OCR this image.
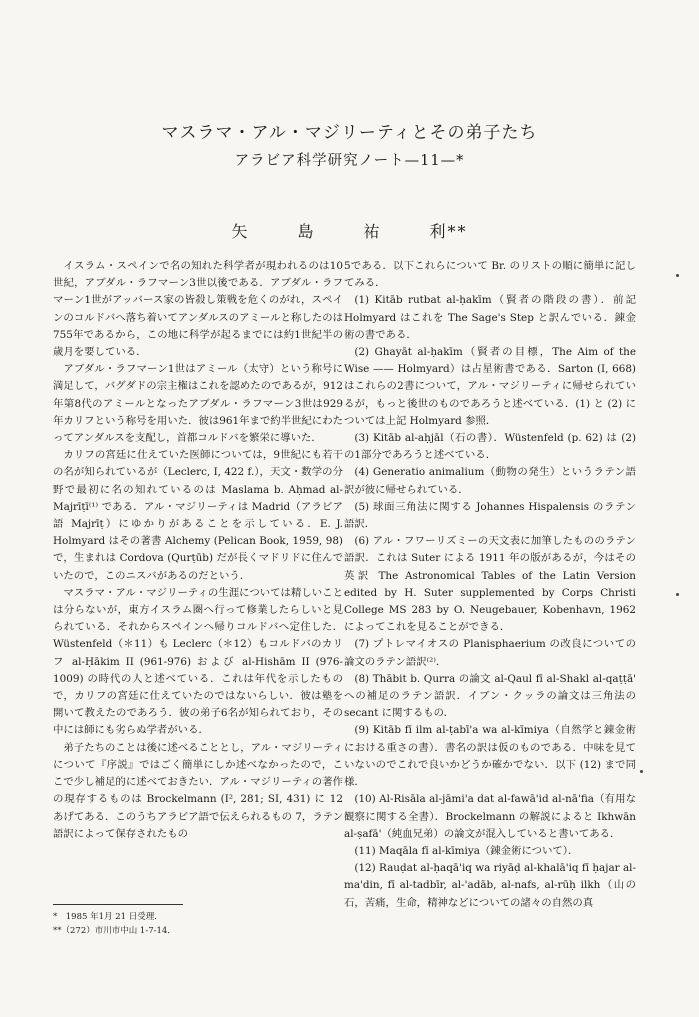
マスラマ・アル・マジリーティとその弟子たち
アラビア科学研究ノート—11—*
矢	島	祐	利**

イスラム・スペインで名の知れた科学者が現われるのは10世紀，アブダル・ラフマーン3世以後である．アブダル・ラフマーン1世がアッバース家の皆殺し策戦を危くのがれ，スペインのコルドバへ落ち着いてアンダルスのアミールと称したのは755年であるから，この地に科学が起るまでには約1世紀半の歳月を要している．

アブダル・ラフマーン1世はアミール（太守）という称号に満足して，バグダドの宗主権はこれを認めたのであるが，912年第8代のアミールとなったアブダル・ラフマーン3世は929年カリフという称号を用いた．彼は961年まで約半世紀にわたってアンダルスを支配し，首都コルドバを繁栄に導いた．

カリフの宮廷に仕えていた医師については，9世紀にも若干の名が知られているが（Leclerc, I, 422 f.），天文・数学の分野で最初に名の知れているのは Maslama b. Aḥmad al-Majrīṭī⁽¹⁾ である．アル・マジリーティは Madrid（アラビア語 Majrīṭ）にゆかりがあることを示している．E. J. Holmyard はその著書 Alchemy (Pelican Book, 1959, 98) で，生まれは Cordova (Qurṭūb) だが長くマドリドに住んでいたので，このニスバがあるのだという．

マスラマ・アル・マジリーティの生涯については精しいことは分らないが，東方イスラム圏へ行って修業したらしいと見られている．それからスペインへ帰りコルドバへ定住した．Wüstenfeld（＊11）も Leclerc（＊12）もコルドバのカリフ al-Ḥākim II (961-976) および al-Hishām II (976-1009) の時代の人と述べている．これは年代を示したもので，カリフの宮廷に仕えていたのではないらしい．彼は塾を開いて教えたのであろう．彼の弟子6名が知られており，その中には師にも劣らぬ学者がいる．

弟子たちのことは後に述べることとし，アル・マジリーティについて『序説』ではごく簡単にしか述べなかったので，ここで少し補足的に述べておきたい．アル・マジリーティの著作の現存するものは Brockelmann (I², 281; SI, 431) に 12 あげてある．このうちアラビア語で伝えられるもの 7，ラテン語訳によって保存されたもの

5である．以下これらについて Br. のリストの順に簡単に記してみる．

(1) Kitāb rutbat al-ḥakīm（賢者の階段の書）．前記 Holmyard はこれを The Sage's Step と訳んでいる．錬金術の書である．

(2) Ghayāt al-ḥakīm（賢者の目標，The Aim of the Wise —— Holmyard）は占星術書である．Sarton (I, 668) はこれらの2書について，アル・マジリーティに帰せられているが，もっと後世のものであろうと述べている．(1) と (2) については上記 Holmyard 参照．

(3) Kitāb al-aḥjāl（石の書）．Wüstenfeld (p. 62) は (2) の1部分であろうと述べている．

(4) Generatio animalium（動物の発生）というラテン語訳が彼に帰せられている．

(5) 球面三角法に関する Johannes Hispalensis のラテン語訳．

(6) アル・フワーリズミーの天文表に加筆したもののラテン語訳．これは Suter による 1911 年の版があるが，今はその英訳 The Astronomical Tables of the Latin Version edited by H. Suter supplemented by Corps Christi College MS 283 by O. Neugebauer, Kobenhavn, 1962 によってこれを見ることができる．

(7) プトレマイオスの Planisphaerium の改良についての論文のラテン語訳⁽²⁾．

(8) Thābit b. Qurra の論文 al-Qaul fī al-Shakl al-qaṭṭā' への補足のラテン語訳．イブン・クッラの論文は三角法の secant に関するもの．

(9) Kitāb fī ilm al-ṭabī'a wa al-kīmiya（自然学と錬金術における重さの書）．書名の訳は仮のものである．中味を見ていないのでこれで良いかどうか確かでない．以下 (12) まで同様．

(10) Al-Risāla al-jāmi'a dat al-fawā'id al-nā'fia（有用な観察に関する全書）．Brockelmann の解説によると Ikhwān al-ṣafā'（純血兄弟）の論文が混入していると書いてある．

(11) Maqāla fī al-kīmiya（錬金術について）．

(12) Rauḍat al-ḥaqā'iq wa riyāḍ al-khalā'iq fī ḥajar al-ma'din, fī al-tadbīr, al-'adāb, al-nafs, al-rūḥ ilkh（山の石，苦痛，生命，精神などについての諸々の自然の真

*　1985 年1月 21 日受理．
**（272）市川市中山 1-7-14．
